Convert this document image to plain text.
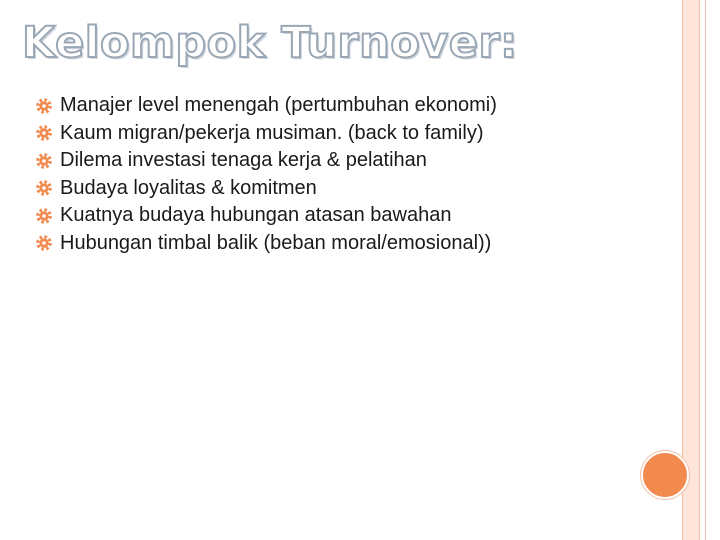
Kelompok Turnover:
Manajer level menengah (pertumbuhan ekonomi)
Kaum migran/pekerja musiman. (back to family)
Dilema investasi tenaga kerja & pelatihan
Budaya loyalitas & komitmen
Kuatnya budaya hubungan atasan bawahan
Hubungan timbal balik (beban moral/emosional))
